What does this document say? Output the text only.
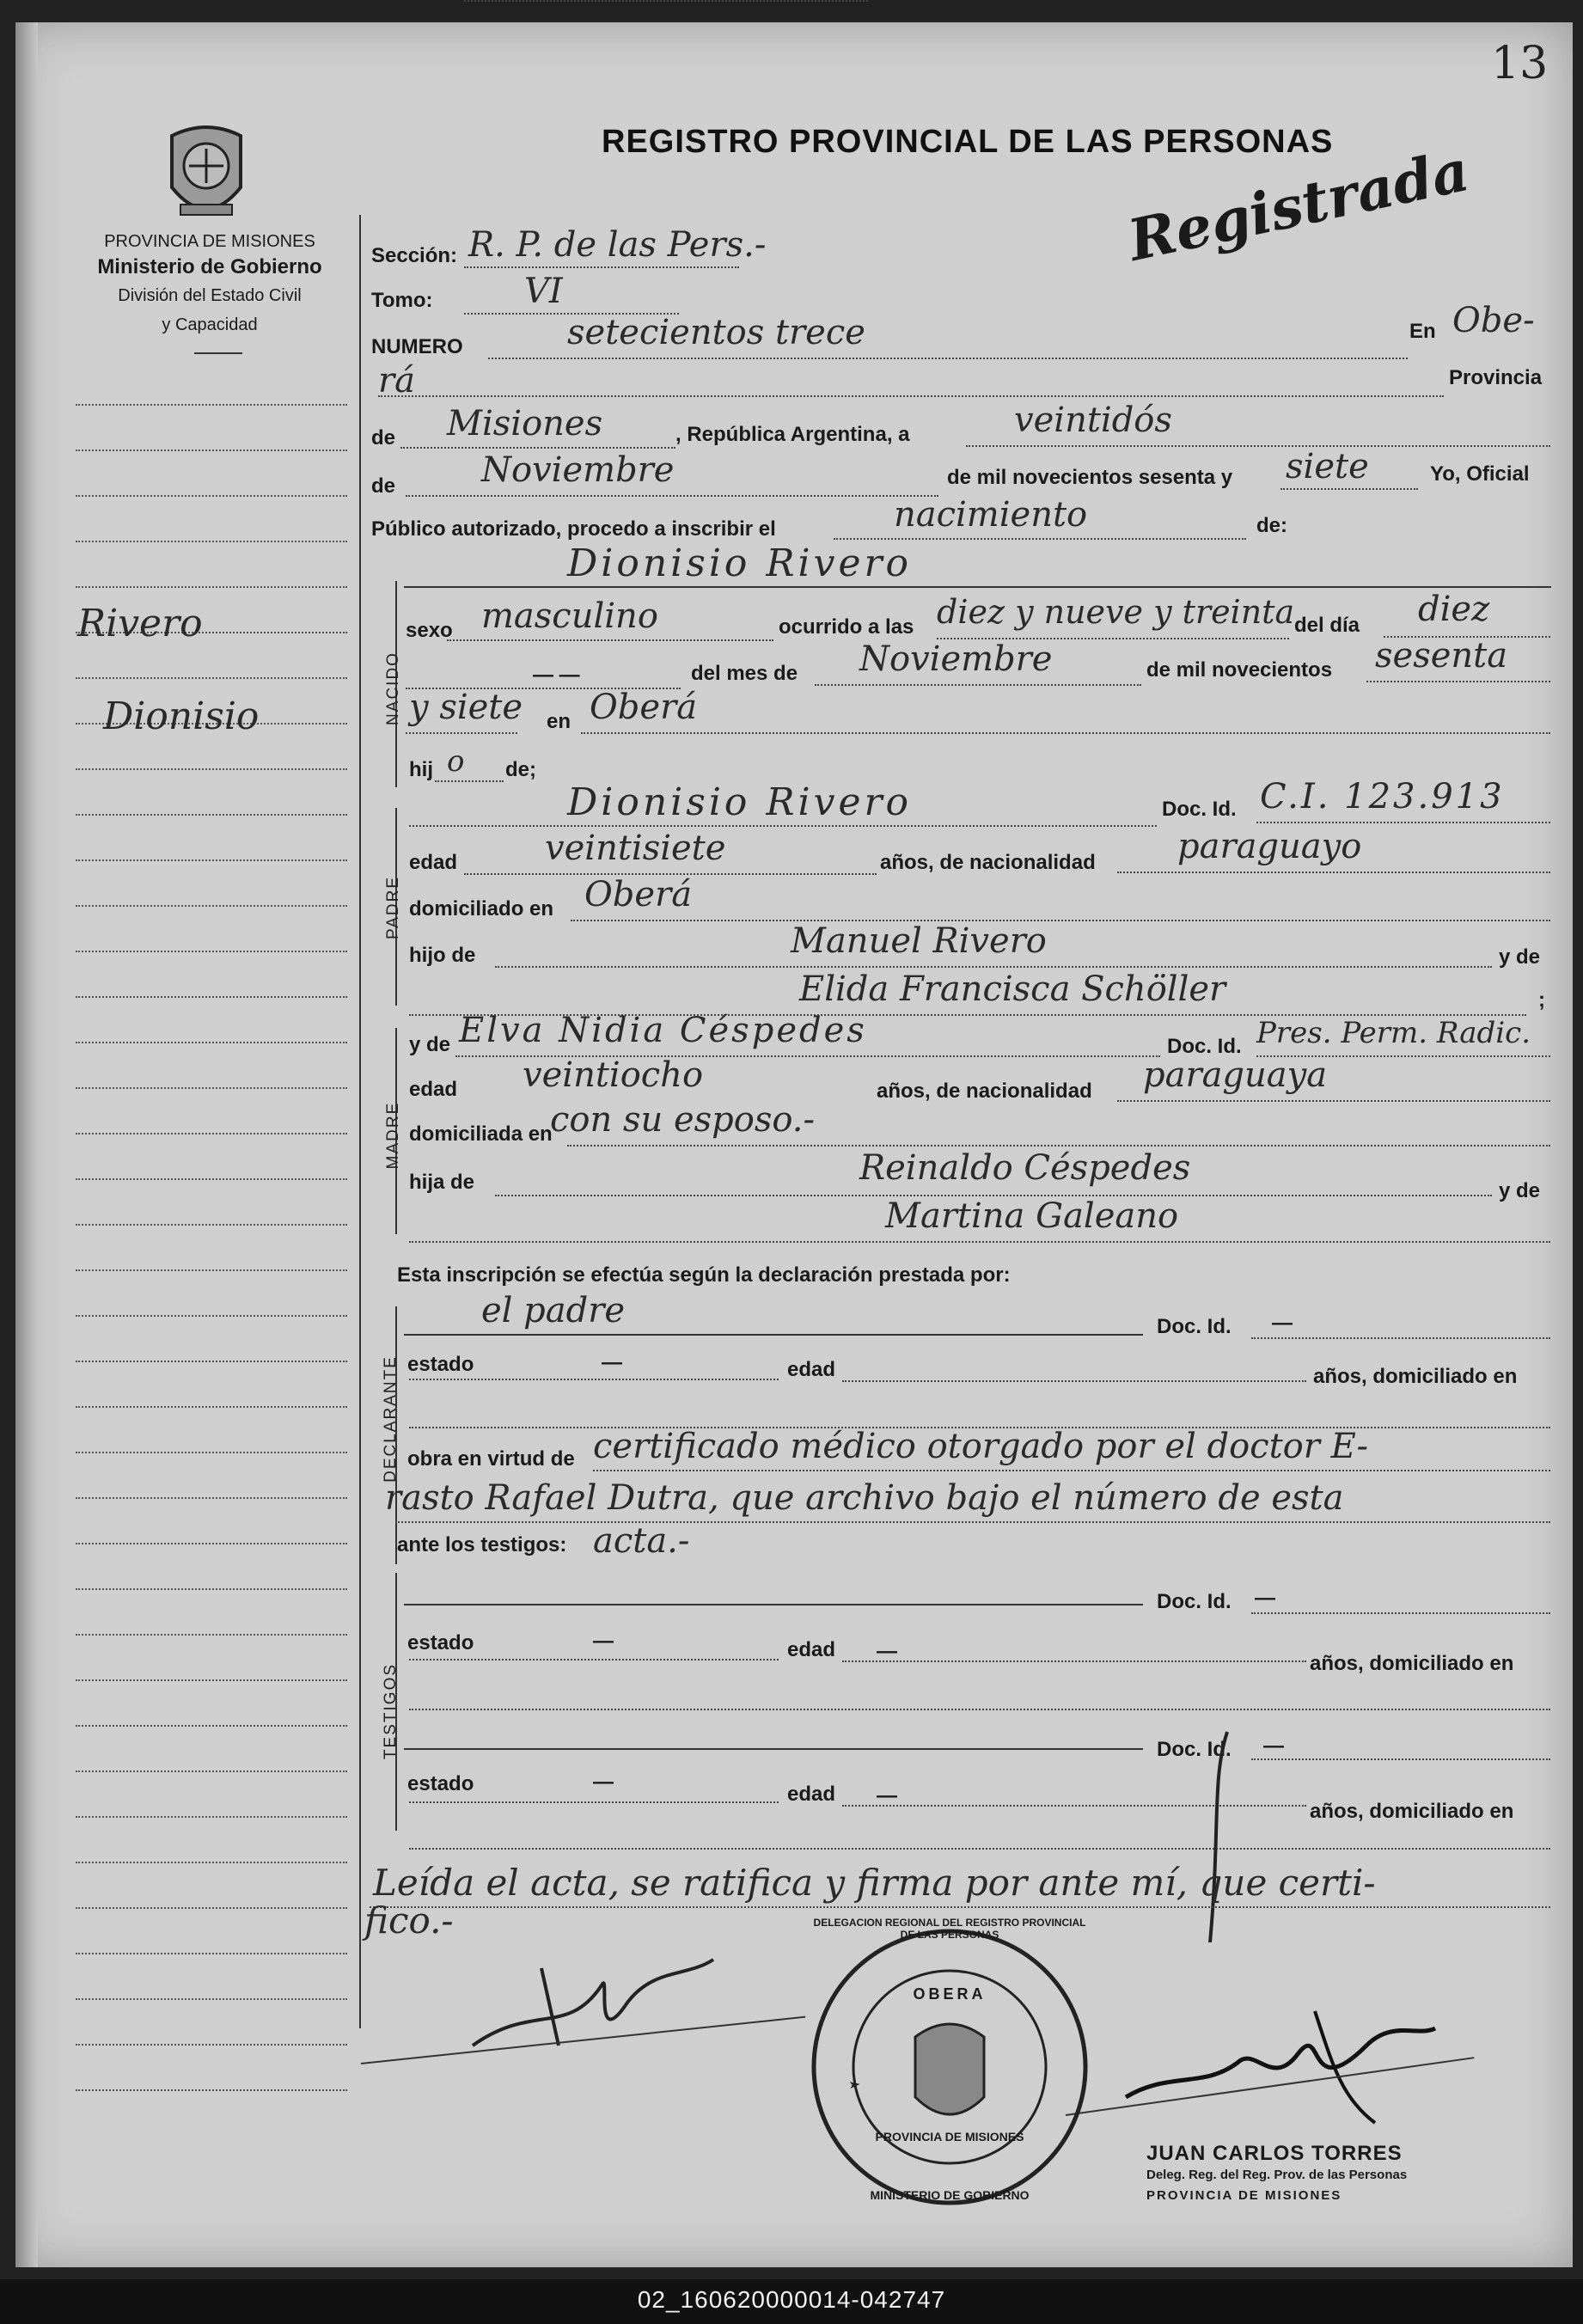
13
PROVINCIA DE MISIONES
Ministerio de Gobierno
División del Estado Civil
y Capacidad
REGISTRO PROVINCIAL DE LAS PERSONAS
Registrada
Rivero
Dionisio
Sección: R. P. de las Pers.-
Tomo:	VI
NUMERO	setecientos trece	En Obe-
rá	Provincia
de Misiones	, República Argentina, a	veintidós
de Noviembre	de mil novecientos sesenta y siete	Yo, Oficial
Público autorizado, procedo a inscribir el	nacimiento	de:
NACIDO
Dionisio Rivero
sexo masculino	ocurrido a las diez y nueve y treinta del día diez
— —	del mes de Noviembre	de mil novecientos sesenta
y siete en Oberá
hij o de;
PADRE
Dionisio Rivero	Doc. Id. C.I. 123.913
edad	veintisiete	años, de nacionalidad paraguayo
domiciliado en Oberá
hijo de	Manuel Rivero	y de
Elida Francisca Schöller	;
MADRE
y de Elva Nidia Céspedes	Doc. Id. Pres. Perm. Radic.
edad veintiocho	años, de nacionalidad paraguaya
domiciliada en
con su esposo.-
hija de	Reinaldo Céspedes
y de
Martina Galeano
Esta inscripción se efectúa según la declaración prestada por:
DECLARANTE
el padre	Doc. Id. —
estado	—	edad	años, domiciliado en
obra en virtud de certificado médico otorgado por el doctor E-
rasto Rafael Dutra, que archivo bajo el número de esta
ante los testigos: acta.-
TESTIGOS
Doc. Id. —
estado	—	edad —
años, domiciliado en
Doc. Id. —
estado	—
edad —
años, domiciliado en
Leída el acta, se ratifica y firma por ante mí, que certi-
fico.-
★
DELEGACION REGIONAL DEL REGISTRO PROVINCIAL DE LAS PERSONAS
OBERA
PROVINCIA DE MISIONES
MINISTERIO DE GOBIERNO
JUAN CARLOS TORRES
Deleg. Reg. del Reg. Prov. de las Personas
PROVINCIA DE MISIONES
02_160620000014-042747
